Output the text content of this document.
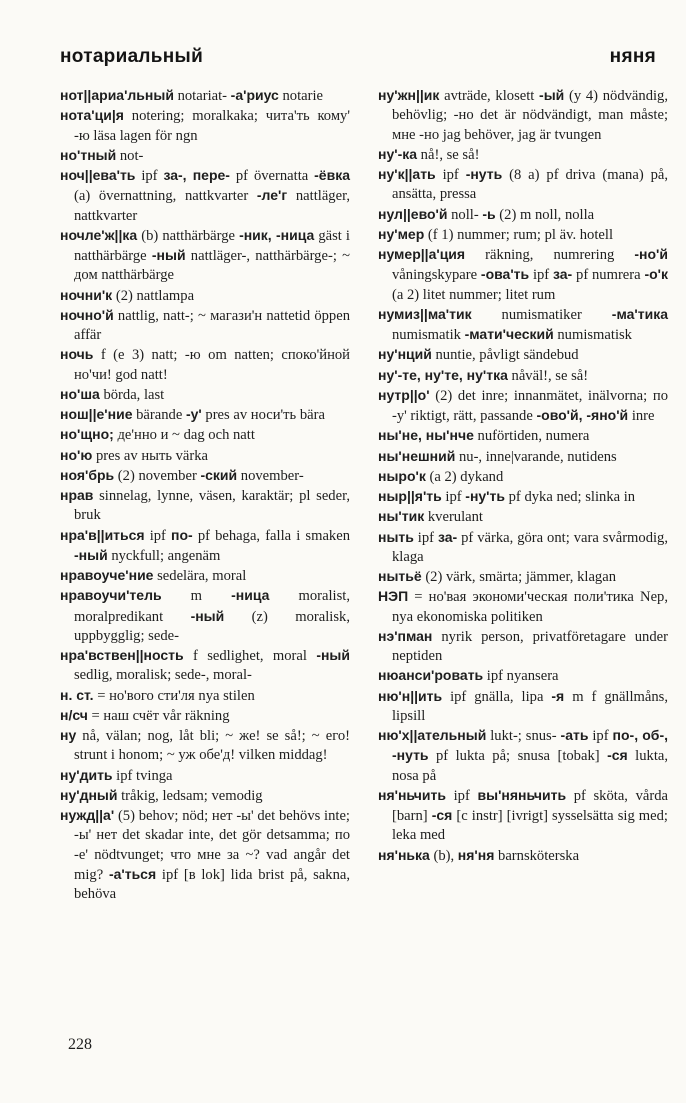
нотариальный	няня

нот||ариа'льный notariat- -а'риус notarie

нота'ци|я notering; moralkaka; чита'ть кому' -ю läsa lagen för ngn

но'тный not-

ноч||ева'ть ipf за-, пере- pf övernatta -ёвка (a) övernattning, nattkvarter -ле'г nattläger, nattkvarter

ночле'ж||ка (b) natthärbärge -ник, -ница gäst i natthärbärge -ный nattläger-, natthärbärge-; ~ дом natthärbärge

ночни'к (2) nattlampa

ночно'й nattlig, natt-; ~ магази'н nattetid öppen affär

ночь f (e 3) natt; -ю om natten; споко'йной но'чи! god natt!

но'ша börda, last

нош||е'ние bärande -у' pres av носи'ть bära

но'щно; де'нно и ~ dag och natt

но'ю pres av ныть värka

ноя'брь (2) november -ский november-

нрав sinnelag, lynne, väsen, karaktär; pl seder, bruk

нра'в||иться ipf по- pf behaga, falla i smaken -ный nyckfull; angenäm

нравоуче'ние sedelära, moral

нравоучи'тель m -ница moralist, moralpredikant -ный (z) moralisk, uppbygglig; sede-

нра'вствен||ность f sedlighet, moral -ный sedlig, moralisk; sede-, moral-

н. ст. = но'вого сти'ля nya stilen

н/сч = наш счёт vår räkning

ну nå, välan; nog, låt bli; ~ же! se så!; ~ его! strunt i honom; ~ уж обе'д! vilken middag!

ну'дить ipf tvinga

ну'дный tråkig, ledsam; vemodig

нужд||а' (5) behov; nöd; нет -ы' det behövs inte; -ы' нет det skadar inte, det gör detsamma; по -е' nödtvunget; что мне за ~? vad angår det mig? -а'ться ipf [в lok] lida brist på, sakna, behöva

ну'жн||ик avträde, klosett -ый (y 4) nödvändig, behövlig; -но det är nödvändigt, man måste; мне -но jag behöver, jag är tvungen

ну'-ка nå!, se så!

ну'к||ать ipf -нуть (8 a) pf driva (mana) på, ansätta, pressa

нул||ево'й noll- -ь (2) m noll, nolla

ну'мер (f 1) nummer; rum; pl äv. hotell

нумер||а'ция räkning, numrering -но'й våningskypare -ова'ть ipf за- pf numrera -о'к (a 2) litet nummer; litet rum

нумиз||ма'тик numismatiker -ма'тика numismatik -мати'ческий numismatisk

ну'нций nuntie, påvligt sändebud

ну'-те, ну'те, ну'тка nåväl!, se så!

нутр||о' (2) det inre; innanmätet, inälvorna; по -у' riktigt, rätt, passande -ово'й, -яно'й inre

ны'не, ны'нче nuförtiden, numera

ны'нешний nu-, inne|varande, nutidens

ныро'к (a 2) dykand

ныр||я'ть ipf -ну'ть pf dyka ned; slinka in

ны'тик kverulant

ныть ipf за- pf värka, göra ont; vara svårmodig, klaga

нытьё (2) värk, smärta; jämmer, klagan

НЭП = но'вая экономи'ческая поли'тика Nep, nya ekonomiska politiken

нэ'пман nyrik person, privatföretagare under neptiden

нюанси'ровать ipf nyansera

ню'н||ить ipf gnälla, lipa -я m f gnällmåns, lipsill

ню'х||ательный lukt-; snus- -ать ipf по-, об-, -нуть pf lukta på; snusa [tobak] -ся lukta, nosa på

ня'ньчить ipf вы'няньчить pf sköta, vårda [barn] -ся [с instr] [ivrigt] sysselsätta sig med; leka med

ня'нька (b), ня'ня barnsköterska

228
